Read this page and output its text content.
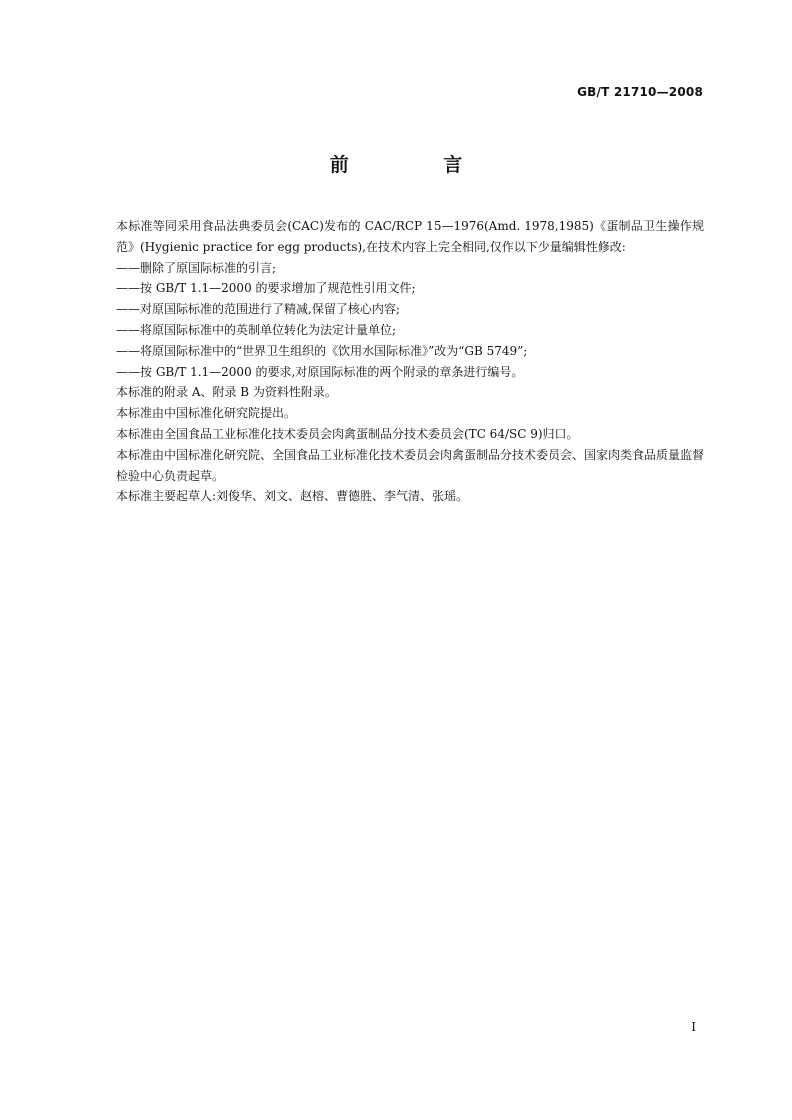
GB/T 21710—2008
前 言

本标准等同采用食品法典委员会(CAC)发布的 CAC/RCP 15—1976(Amd. 1978,1985)《蛋制品卫生操作规范》(Hygienic practice for egg products),在技术内容上完全相同,仅作以下少量编辑性修改:

——删除了原国际标准的引言;

——按 GB/T 1.1—2000 的要求增加了规范性引用文件;

——对原国际标准的范围进行了精减,保留了核心内容;

——将原国际标准中的英制单位转化为法定计量单位;

——将原国际标准中的“世界卫生组织的《饮用水国际标准》”改为“GB 5749”;

——按 GB/T 1.1—2000 的要求,对原国际标准的两个附录的章条进行编号。

本标准的附录 A、附录 B 为资料性附录。

本标准由中国标准化研究院提出。

本标准由全国食品工业标准化技术委员会肉禽蛋制品分技术委员会(TC 64/SC 9)归口。

本标准由中国标准化研究院、全国食品工业标准化技术委员会肉禽蛋制品分技术委员会、国家肉类食品质量监督检验中心负责起草。

本标准主要起草人:刘俊华、刘文、赵榕、曹德胜、李气清、张瑶。

I
